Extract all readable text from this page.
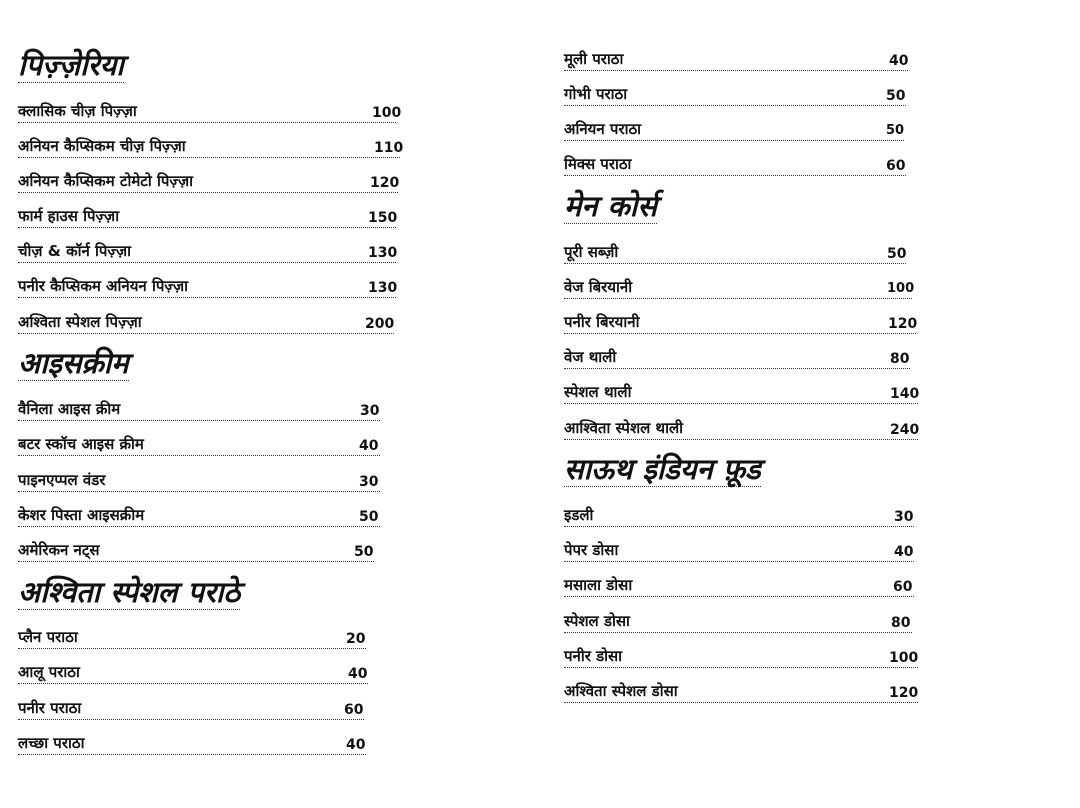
पिज़्ज़ेरिया
क्लासिक चीज़ पिज़्ज़ा	100
अनियन कैप्सिकम चीज़ पिज़्ज़ा	110
अनियन कैप्सिकम टोमेटो पिज़्ज़ा	120
फार्म हाउस पिज़्ज़ा	150
चीज़ & कॉर्न पिज़्ज़ा	130
पनीर कैप्सिकम अनियन पिज़्ज़ा	130
अश्विता स्पेशल पिज़्ज़ा	200
आइसक्रीम
वैनिला आइस क्रीम	30
बटर स्कॉच आइस क्रीम	40
पाइनएप्पल वंडर	30
केशर पिस्ता आइसक्रीम	50
अमेरिकन नट्स	50
अश्विता स्पेशल पराठे
प्लैन पराठा	20
आलू पराठा	40
पनीर पराठा	60
लच्छा पराठा	40
मूली पराठा	40
गोभी पराठा	50
अनियन पराठा	50
मिक्स पराठा	60
मेन कोर्स
पूरी सब्ज़ी	50
वेज बिरयानी	100
पनीर बिरयानी	120
वेज थाली	80
स्पेशल थाली	140
आश्विता स्पेशल थाली	240
साऊथ इंडियन फ़ूड
इडली	30
पेपर डोसा	40
मसाला डोसा	60
स्पेशल डोसा	80
पनीर डोसा	100
अश्विता स्पेशल डोसा	120
